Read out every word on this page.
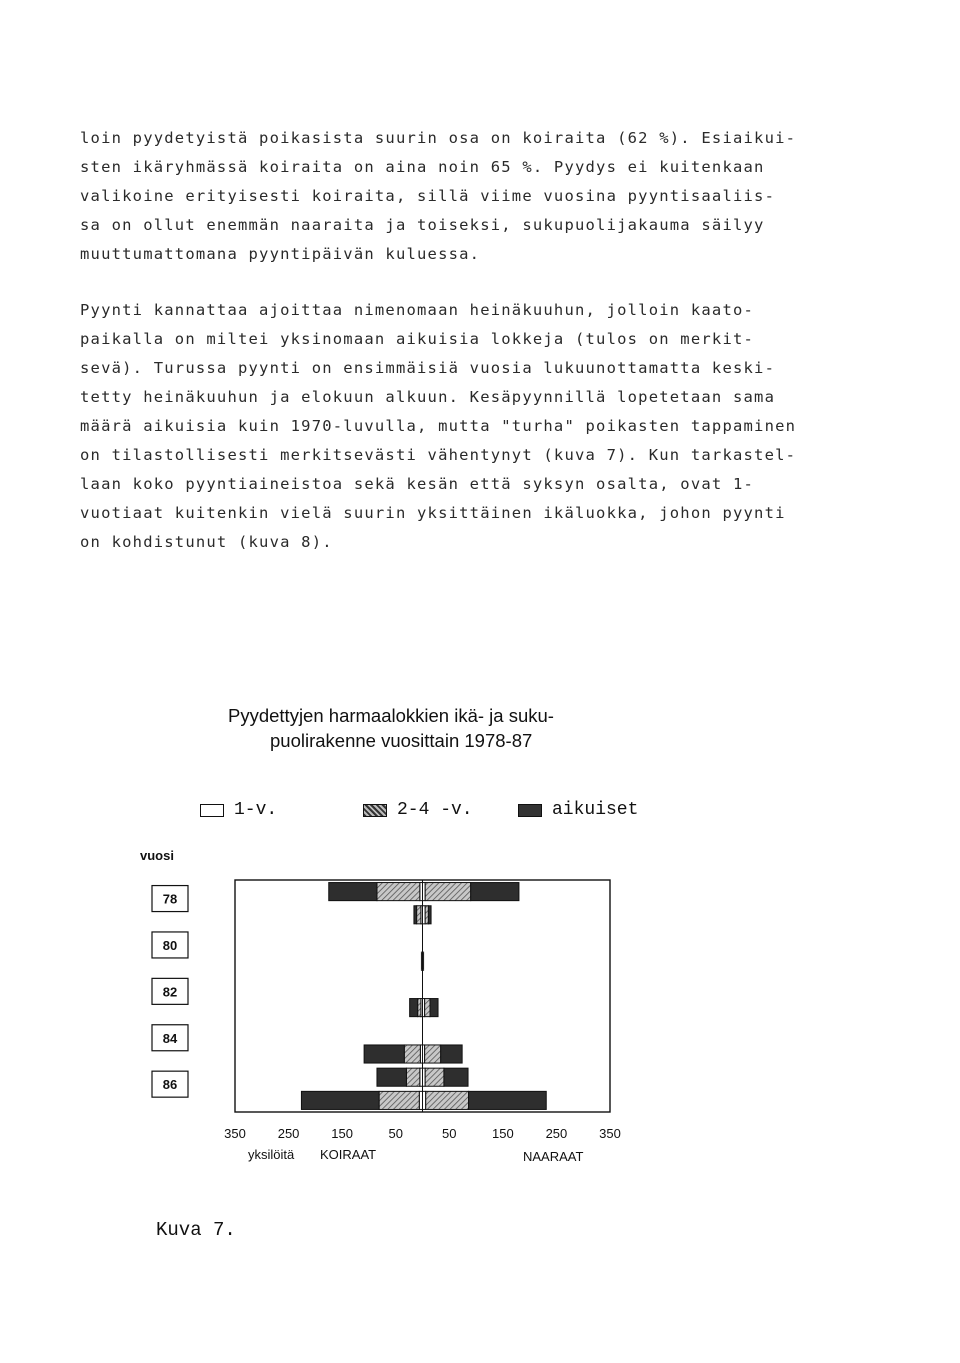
loin pyydetyistä poikasista suurin osa on koiraita (62 %). Esiaikui-
sten ikäryhmässä koiraita on aina noin 65 %. Pyydys ei kuitenkaan
valikoine erityisesti koiraita, sillä viime vuosina pyyntisaaliis-
sa on ollut enemmän naaraita ja toiseksi, sukupuolijakauma säilyy
muuttumattomana pyyntipäivän kuluessa.
Pyynti kannattaa ajoittaa nimenomaan heinäkuuhun, jolloin kaato-
paikalla on miltei yksinomaan aikuisia lokkeja (tulos on merkit-
sevä). Turussa pyynti on ensimmäisiä vuosia lukuunottamatta keski-
tetty heinäkuuhun ja elokuun alkuun. Kesäpyynnillä lopetetaan sama
määrä aikuisia kuin 1970-luvulla, mutta "turha" poikasten tappaminen
on tilastollisesti merkitsevästi vähentynyt (kuva 7). Kun tarkastel-
laan koko pyyntiaineistoa sekä kesän että syksyn osalta, ovat 1-
vuotiaat kuitenkin vielä suurin yksittäinen ikäluokka, johon pyynti
on kohdistunut (kuva 8).
Pyydettyjen harmaalokkien ikä- ja suku-
puolirakenne vuosittain 1978-87
1-v.	2-4 -v.	aikuiset
vuosi
78
80
82
84
86
350 250 150	50	50	150 250 350
yksilöitä KOIRAAT	NAARAAT
Kuva 7.
